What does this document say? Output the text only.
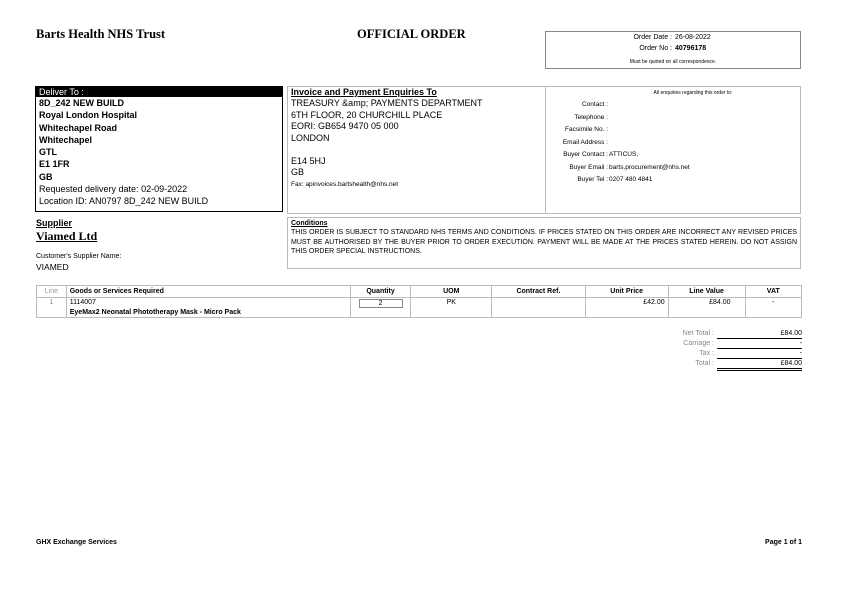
Barts Health NHS Trust	OFFICIAL ORDER	Order Date : 26-08-2022
Order No : 40796178
Must be quoted on all correspondence.
Deliver To :
8D_242 NEW BUILD
Royal London Hospital
Whitechapel Road
Whitechapel
GTL
E1 1FR
GB
Requested delivery date: 02-09-2022
Location ID: AN0797 8D_242 NEW BUILD
Invoice and Payment Enquiries To
TREASURY &amp; PAYMENTS DEPARTMENT
6TH FLOOR, 20 CHURCHILL PLACE
EORI: GB654 9470 05 000
LONDON
E14 5HJ
GB
Fax: apinvoices.bartshealth@nhs.net
All enquiries regarding this order to:
Contact :
Telephone :
Facsimile No. :
Email Address :
Buyer Contact : ATTICUS,
Buyer Email : barts.procurement@nhs.net
Buyer Tel : 0207 480 4841
Supplier
Viamed Ltd
Customer's Supplier Name:
VIAMED
Conditions
THIS ORDER IS SUBJECT TO STANDARD NHS TERMS AND CONDITIONS. IF PRICES STATED ON THIS ORDER ARE INCORRECT ANY REVISED PRICES MUST BE AUTHORISED BY THE BUYER PRIOR TO ORDER EXECUTION. PAYMENT WILL BE MADE AT THE PRICES STATED HEREIN. DO NOT ASSIGN THIS ORDER SPECIAL INSTRUCTIONS.
Line	Goods or Services Required	Quantity	UOM	Contract Ref.	Unit Price	Line Value	VAT
1	1114007
EyeMax2 Neonatal Phototherapy Mask - Micro Pack	2	PK		£42.00	£84.00	-
Net Total :	£84.00
Carriage :	-
Tax :	-
Total :	£84.00
GHX Exchange Services	Page 1 of 1
